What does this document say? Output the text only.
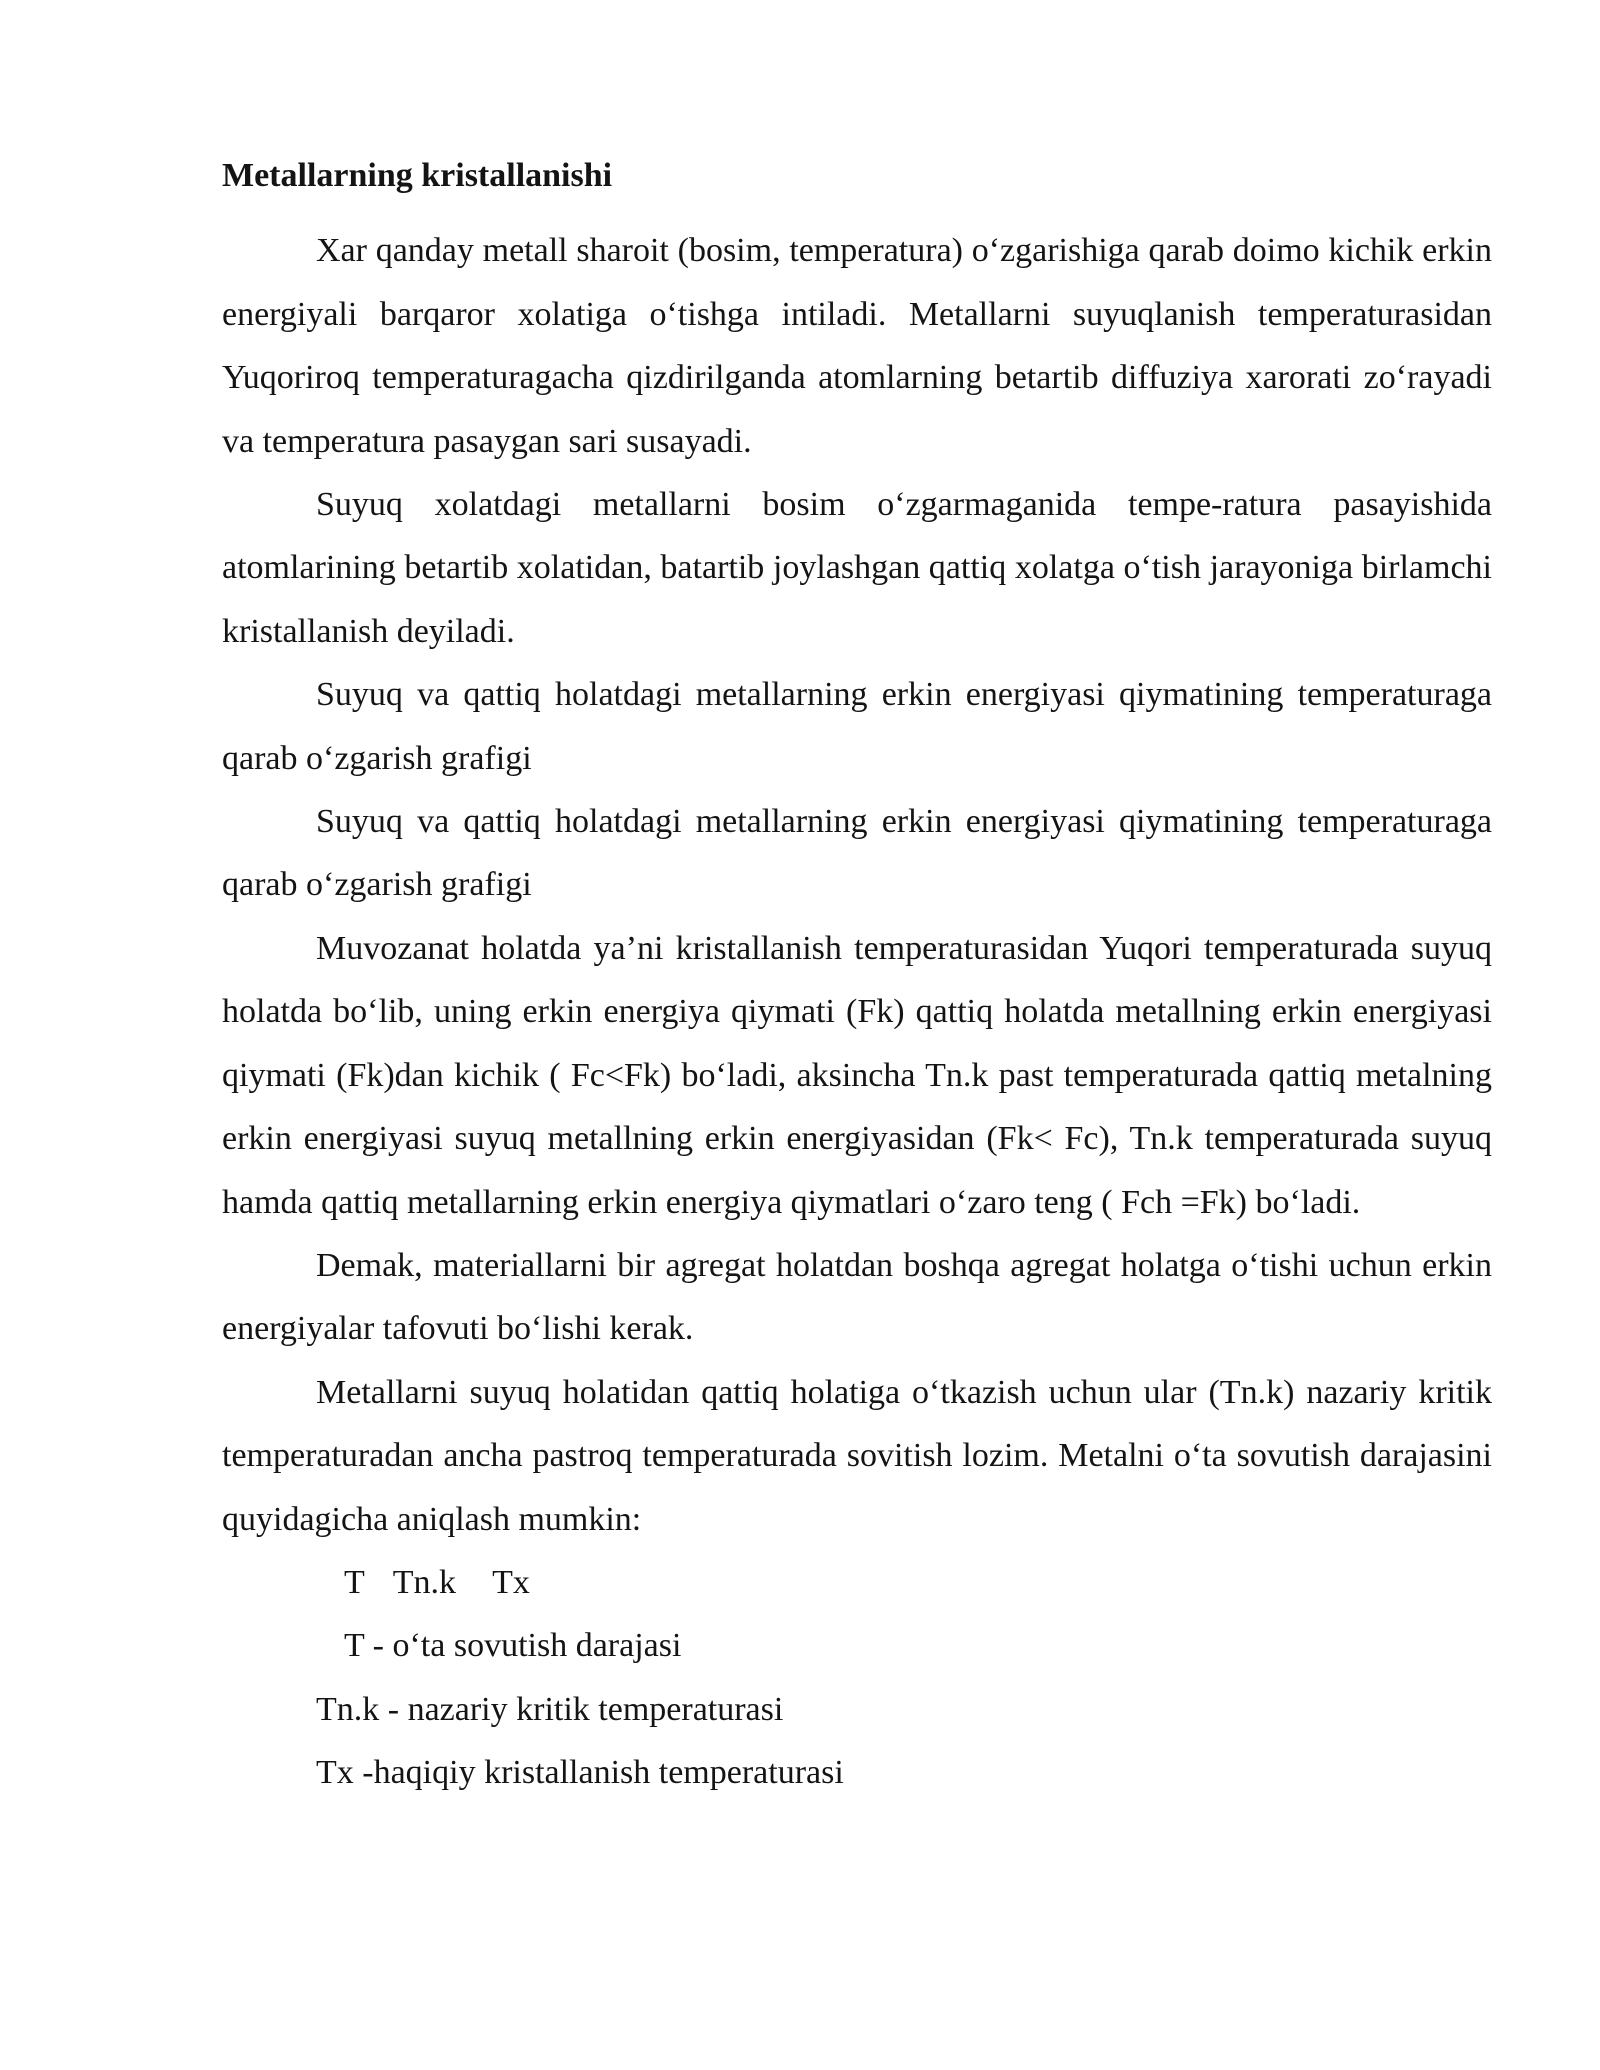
Metallarning kristallanishi

Xar qanday metall sharoit (bosim, temperatura) o‘zgarishiga qarab doimo kichik erkin energiyali barqaror xolatiga o‘tishga intiladi. Metallarni suyuqlanish temperaturasidan Yuqoriroq temperaturagacha qizdirilganda atomlarning betartib diffuziya xarorati zo‘rayadi va temperatura pasaygan sari susayadi.

Suyuq xolatdagi metallarni bosim o‘zgarmaganida tempe-ratura pasayishida atomlarining betartib xolatidan, batartib joylashgan qattiq xolatga o‘tish jarayoniga birlamchi kristallanish deyiladi.

Suyuq va qattiq holatdagi metallarning erkin energiyasi qiymatining temperaturaga qarab o‘zgarish grafigi

Suyuq va qattiq holatdagi metallarning erkin energiyasi qiymatining temperaturaga qarab o‘zgarish grafigi

Muvozanat holatda ya’ni kristallanish temperaturasidan Yuqori temperaturada suyuq holatda bo‘lib, uning erkin energiya qiymati (Fk) qattiq holatda metallning erkin energiyasi qiymati (Fk)dan kichik ( Fc<Fk) bo‘ladi, aksincha Tn.k past temperaturada qattiq metalning erkin energiyasi suyuq metallning erkin energiyasidan (Fk< Fc), Tn.k temperaturada suyuq hamda qattiq metallarning erkin energiya qiymatlari o‘zaro teng ( Fch =Fk) bo‘ladi.

Demak, materiallarni bir agregat holatdan boshqa agregat holatga o‘tishi uchun erkin energiyalar tafovuti bo‘lishi kerak.

Metallarni suyuq holatidan qattiq holatiga o‘tkazish uchun ular (Tn.k) nazariy kritik temperaturadan ancha pastroq temperaturada sovitish lozim. Metalni o‘ta sovutish darajasini quyidagicha aniqlash mumkin:

T Tn.k Tx

T - o‘ta sovutish darajasi

Tn.k - nazariy kritik temperaturasi

Tx -haqiqiy kristallanish temperaturasi
